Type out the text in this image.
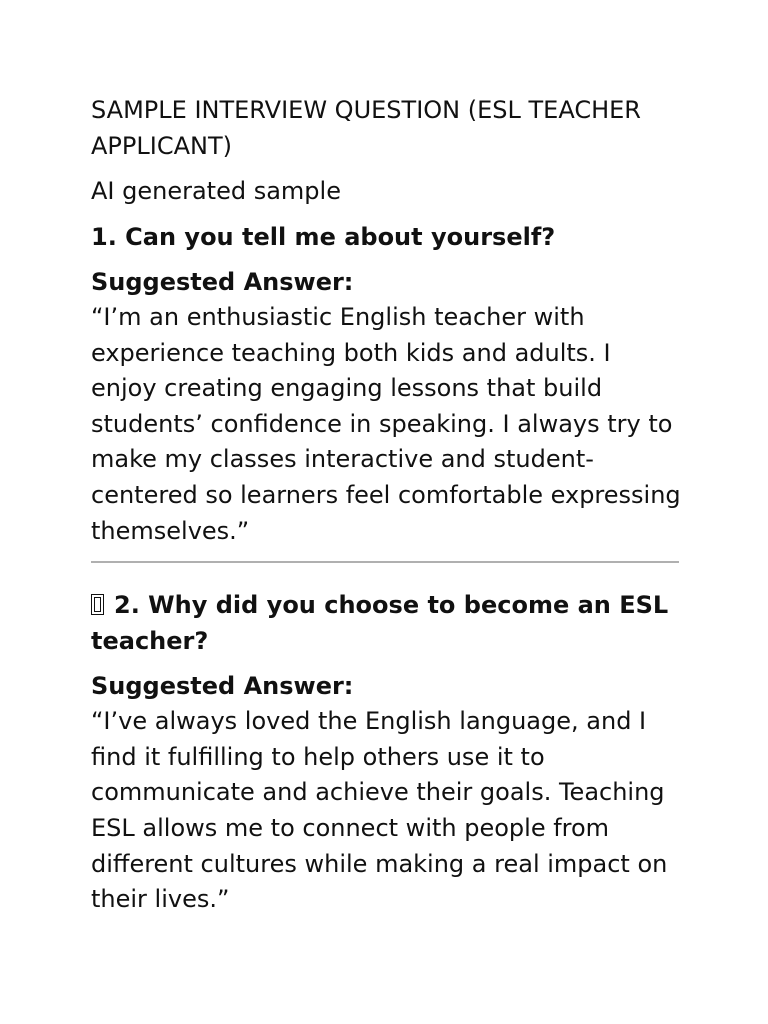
SAMPLE INTERVIEW QUESTION (ESL TEACHER APPLICANT)

AI generated sample

1. Can you tell me about yourself?

Suggested Answer:

“I’m an enthusiastic English teacher with experience teaching both kids and adults. I enjoy creating engaging lessons that build students’ confidence in speaking. I always try to make my classes interactive and student-centered so learners feel comfortable expressing themselves.”

2. Why did you choose to become an ESL teacher?

Suggested Answer:

“I’ve always loved the English language, and I find it fulfilling to help others use it to communicate and achieve their goals. Teaching ESL allows me to connect with people from different cultures while making a real impact on their lives.”
